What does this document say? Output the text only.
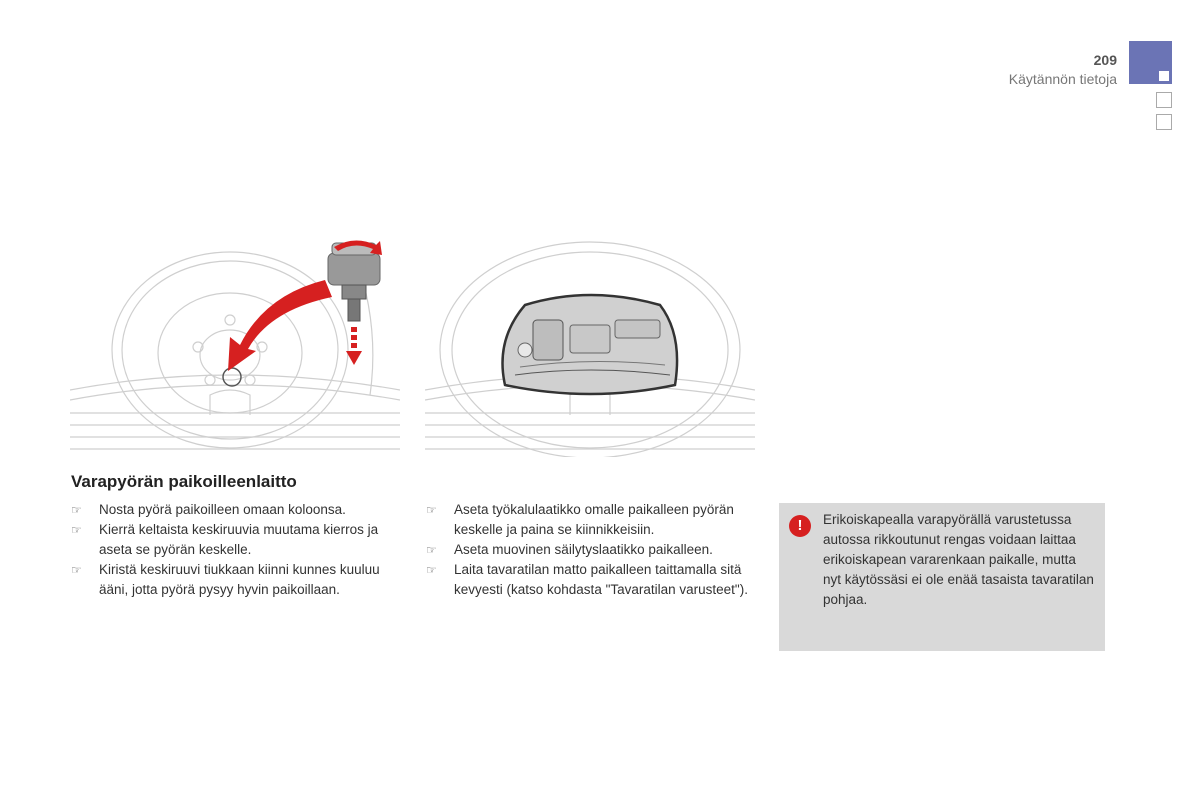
209
Käytännön tietoja
Varapyörän paikoilleenlaitto
☞ Nosta pyörä paikoilleen omaan koloonsa.
☞ Kierrä keltaista keskiruuvia muutama kierros ja aseta se pyörän keskelle.
☞ Kiristä keskiruuvi tiukkaan kiinni kunnes kuuluu ääni, jotta pyörä pysyy hyvin paikoillaan.
☞ Aseta työkalulaatikko omalle paikalleen pyörän keskelle ja paina se kiinnikkeisiin.
☞ Aseta muovinen säilytyslaatikko paikalleen.
☞ Laita tavaratilan matto paikalleen taittamalla sitä kevyesti (katso kohdasta "Tavaratilan varusteet").
!	Erikoiskapealla varapyörällä varustetussa autossa rikkoutunut rengas voidaan laittaa erikoiskapean vararenkaan paikalle, mutta nyt käytössäsi ei ole enää tasaista tavaratilan pohjaa.
